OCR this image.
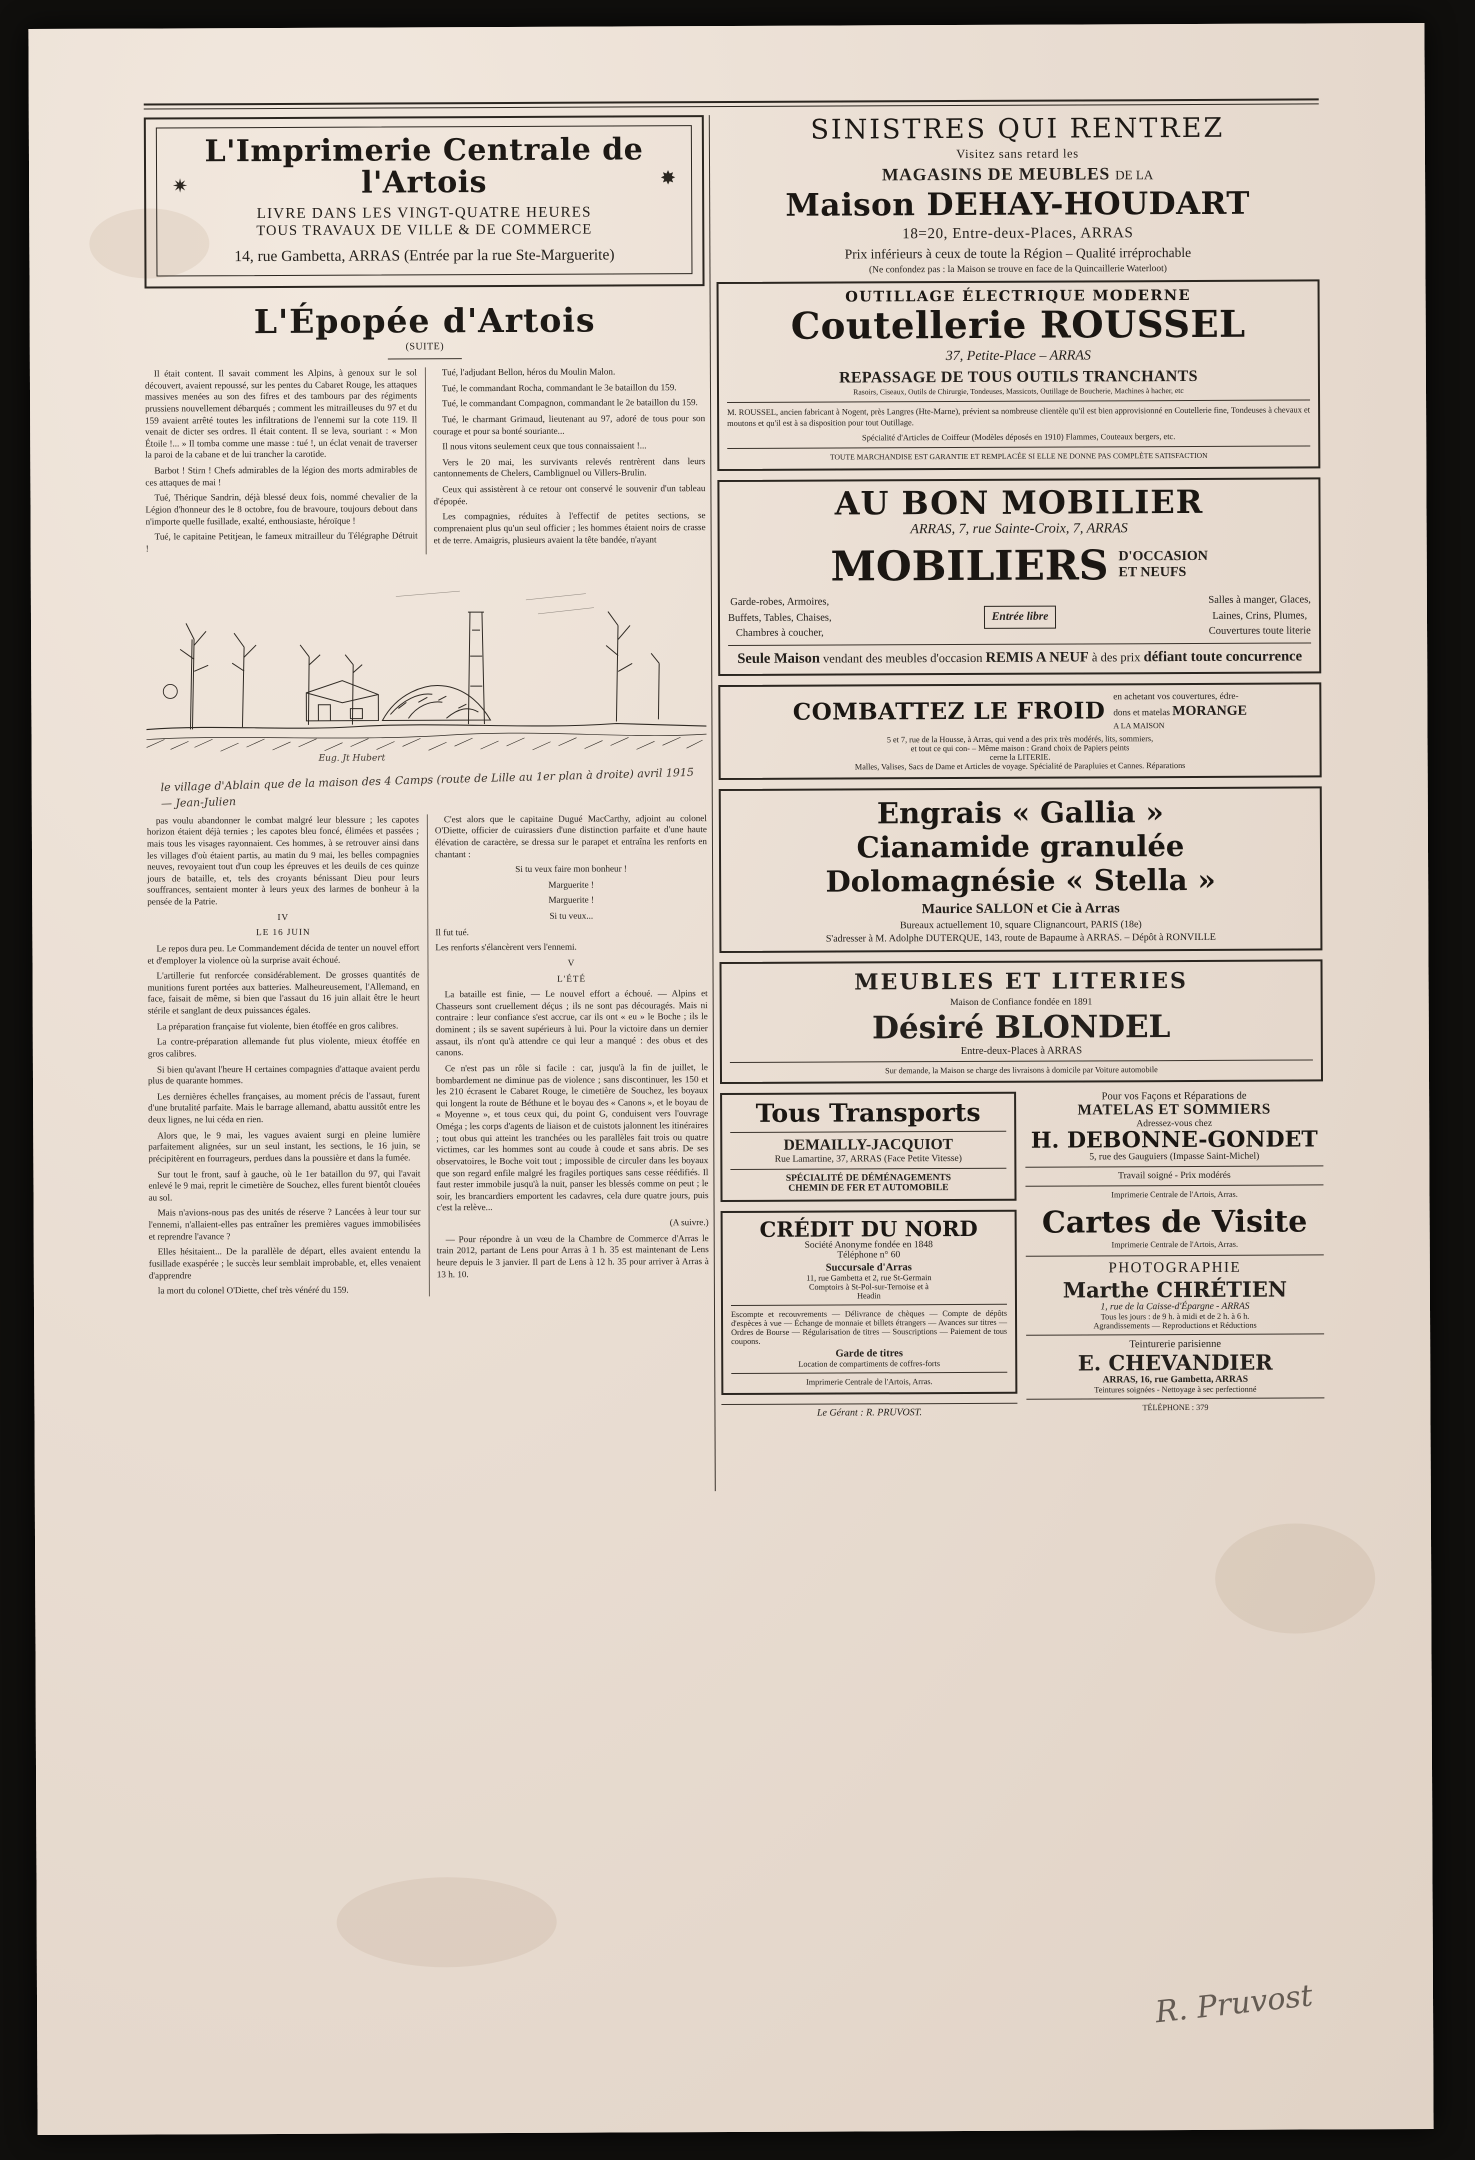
✷	✸
L'Imprimerie Centrale de l'Artois
LIVRE DANS LES VINGT-QUATRE HEURES
TOUS TRAVAUX DE VILLE & DE COMMERCE
14, rue Gambetta, ARRAS (Entrée par la rue Ste-Marguerite)
L'Épopée d'Artois
(SUITE)

Il était content. Il savait comment les Alpins, à genoux sur le sol découvert, avaient repoussé, sur les pentes du Cabaret Rouge, les attaques massives menées au son des fifres et des tambours par des régiments prussiens nouvellement débarqués ; comment les mitrailleuses du 97 et du 159 avaient arrêté toutes les infiltrations de l'ennemi sur la cote 119. Il venait de dicter ses ordres. Il était content. Il se leva, souriant : « Mon Étoile !... » Il tomba comme une masse : tué !, un éclat venait de traverser la paroi de la cabane et de lui trancher la carotide.

Barbot ! Stirn ! Chefs admirables de la légion des morts admirables de ces attaques de mai !

Tué, Thérique Sandrin, déjà blessé deux fois, nommé chevalier de la Légion d'honneur des le 8 octobre, fou de bravoure, toujours debout dans n'importe quelle fusillade, exalté, enthousiaste, héroïque !

Tué, le capitaine Petitjean, le fameux mitrailleur du Télégraphe Détruit !

Tué, l'adjudant Bellon, héros du Moulin Malon.

Tué, le commandant Rocha, commandant le 3e bataillon du 159.

Tué, le commandant Compagnon, commandant le 2e bataillon du 159.

Tué, le charmant Grimaud, lieutenant au 97, adoré de tous pour son courage et pour sa bonté souriante...

Il nous vitons seulement ceux que tous connaissaient !...

Vers le 20 mai, les survivants relevés rentrèrent dans leurs cantonnements de Chelers, Camblignuel ou Villers-Brulin.

Ceux qui assistèrent à ce retour ont conservé le souvenir d'un tableau d'épopée.

Les compagnies, réduites à l'effectif de petites sections, se comprenaient plus qu'un seul officier ; les hommes étaient noirs de crasse et de terre. Amaigris, plusieurs avaient la tête bandée, n'ayant

Eug. Jt Hubert
le village d'Ablain que de la maison des 4 Camps (route de Lille au 1er plan à droite) avril 1915 — Jean-Julien

pas voulu abandonner le combat malgré leur blessure ; les capotes horizon étaient déjà ternies ; les capotes bleu foncé, élimées et passées ; mais tous les visages rayonnaient. Ces hommes, à se retrouver ainsi dans les villages d'où étaient partis, au matin du 9 mai, les belles compagnies neuves, revoyaient tout d'un coup les épreuves et les deuils de ces quinze jours de bataille, et, tels des croyants bénissant Dieu pour leurs souffrances, sentaient monter à leurs yeux des larmes de bonheur à la pensée de la Patrie.

IV

LE 16 JUIN

Le repos dura peu. Le Commandement décida de tenter un nouvel effort et d'employer la violence où la surprise avait échoué.

L'artillerie fut renforcée considérablement. De grosses quantités de munitions furent portées aux batteries. Malheureusement, l'Allemand, en face, faisait de même, si bien que l'assaut du 16 juin allait être le heurt stérile et sanglant de deux puissances égales.

La préparation française fut violente, bien étoffée en gros calibres.

La contre-préparation allemande fut plus violente, mieux étoffée en gros calibres.

Si bien qu'avant l'heure H certaines compagnies d'attaque avaient perdu plus de quarante hommes.

Les dernières échelles françaises, au moment précis de l'assaut, furent d'une brutalité parfaite. Mais le barrage allemand, abattu aussitôt entre les deux lignes, ne lui céda en rien.

Alors que, le 9 mai, les vagues avaient surgi en pleine lumière parfaitement alignées, sur un seul instant, les sections, le 16 juin, se précipitèrent en fourrageurs, perdues dans la poussière et dans la fumée.

Sur tout le front, sauf à gauche, où le 1er bataillon du 97, qui l'avait enlevé le 9 mai, reprit le cimetière de Souchez, elles furent bientôt clouées au sol.

Mais n'avions-nous pas des unités de réserve ? Lancées à leur tour sur l'ennemi, n'allaient-elles pas entraîner les premières vagues immobilisées et reprendre l'avance ?

Elles hésitaient... De la parallèle de départ, elles avaient entendu la fusillade exaspérée ; le succès leur semblait improbable, et, elles venaient d'apprendre

la mort du colonel O'Diette, chef très vénéré du 159.

C'est alors que le capitaine Dugué MacCarthy, adjoint au colonel O'Diette, officier de cuirassiers d'une distinction parfaite et d'une haute élévation de caractère, se dressa sur le parapet et entraîna les renforts en chantant :

Si tu veux faire mon bonheur !

Marguerite !

Marguerite !

Si tu veux...

Il fut tué.

Les renforts s'élancèrent vers l'ennemi.

V

L'ÉTÉ

La bataille est finie, — Le nouvel effort a échoué. — Alpins et Chasseurs sont cruellement déçus ; ils ne sont pas découragés. Mais ni contraire : leur confiance s'est accrue, car ils ont « eu » le Boche ; ils le dominent ; ils se savent supérieurs à lui. Pour la victoire dans un dernier assaut, ils n'ont qu'à attendre ce qui leur a manqué : des obus et des canons.

Ce n'est pas un rôle si facile : car, jusqu'à la fin de juillet, le bombardement ne diminue pas de violence ; sans discontinuer, les 150 et les 210 écrasent le Cabaret Rouge, le cimetière de Souchez, les boyaux qui longent la route de Béthune et le boyau des « Canons », et le boyau de « Moyenne », et tous ceux qui, du point G, conduisent vers l'ouvrage Oméga ; les corps d'agents de liaison et de cuistots jalonnent les itinéraires ; tout obus qui atteint les tranchées ou les parallèles fait trois ou quatre victimes, car les hommes sont au coude à coude et sans abris. De ses observatoires, le Boche voit tout ; impossible de circuler dans les boyaux que son regard enfile malgré les fragiles portiques sans cesse réédifiés. Il faut rester immobile jusqu'à la nuit, panser les blessés comme on peut ; le soir, les brancardiers emportent les cadavres, cela dure quatre jours, puis c'est la relève...

(A suivre.)

— Pour répondre à un vœu de la Chambre de Commerce d'Arras le train 2012, partant de Lens pour Arras à 1 h. 35 est maintenant de Lens heure depuis le 3 janvier. Il part de Lens à 12 h. 35 pour arriver à Arras à 13 h. 10.

SINISTRES QUI RENTREZ
Visitez sans retard les
MAGASINS DE MEUBLES DE LA
Maison DEHAY-HOUDART
18=20, Entre-deux-Places, ARRAS
Prix inférieurs à ceux de toute la Région – Qualité irréprochable
(Ne confondez pas : la Maison se trouve en face de la Quincaillerie Waterloot)
OUTILLAGE ÉLECTRIQUE MODERNE
Coutellerie ROUSSEL
37, Petite-Place – ARRAS
REPASSAGE DE TOUS OUTILS TRANCHANTS
Rasoirs, Ciseaux, Outils de Chirurgie, Tondeuses, Massicots, Outillage de Boucherie, Machines à hacher, etc
M. ROUSSEL, ancien fabricant à Nogent, près Langres (Hte-Marne), prévient sa nombreuse clientèle qu'il est bien approvisionné en Coutellerie fine, Tondeuses à chevaux et moutons et qu'il est à sa disposition pour tout Outillage.
Spécialité d'Articles de Coiffeur (Modèles déposés en 1910) Flammes, Couteaux bergers, etc.
TOUTE MARCHANDISE EST GARANTIE ET REMPLACÉE SI ELLE NE DONNE PAS COMPLÈTE SATISFACTION
AU BON MOBILIER
ARRAS, 7, rue Sainte-Croix, 7, ARRAS
MOBILIERS D'OCCASION
ET NEUFS
Garde-robes, Armoires,
Buffets, Tables, Chaises,
Chambres à coucher,
Entrée libre
Salles à manger, Glaces,
Laines, Crins, Plumes,
Couvertures toute literie
Seule Maison vendant des meubles d'occasion REMIS A NEUF à des prix défiant toute concurrence
COMBATTEZ LE FROID
en achetant vos couvertures, édre-
dons et matelas MORANGE
A LA MAISON
5 et 7, rue de la Housse, à Arras, qui vend a des prix très modérés, lits, sommiers,
et tout ce qui con- – Même maison : Grand choix de Papiers peints
cerne la LITERIE.
Malles, Valises, Sacs de Dame et Articles de voyage. Spécialité de Parapluies et Cannes. Réparations
Engrais « Gallia »
Cianamide granulée
Dolomagnésie « Stella »
Maurice SALLON et Cie à Arras
Bureaux actuellement 10, square Clignancourt, PARIS (18e)
S'adresser à M. Adolphe DUTERQUE, 143, route de Bapaume à ARRAS. – Dépôt à RONVILLE
MEUBLES ET LITERIES
Maison de Confiance fondée en 1891
Désiré BLONDEL
Entre-deux-Places à ARRAS
Sur demande, la Maison se charge des livraisons à domicile par Voiture automobile
Tous Transports
DEMAILLY-JACQUIOT
Rue Lamartine, 37, ARRAS (Face Petite Vitesse)
SPÉCIALITÉ DE DÉMÉNAGEMENTS
CHEMIN DE FER ET AUTOMOBILE
CRÉDIT DU NORD
Société Anonyme fondée en 1848
Téléphone n° 60
Succursale d'Arras
11, rue Gambetta et 2, rue St-Germain
Comptoirs à St-Pol-sur-Ternoise et à
Headin
Escompte et recouvrements — Délivrance de chèques — Compte de dépôts d'espèces à vue — Échange de monnaie et billets étrangers — Avances sur titres — Ordres de Bourse — Régularisation de titres — Souscriptions — Paiement de tous coupons.
Garde de titres
Location de compartiments de coffres-forts
Imprimerie Centrale de l'Artois, Arras.
Le Gérant : R. PRUVOST.
Pour vos Façons et Réparations de
MATELAS ET SOMMIERS
Adressez-vous chez
H. DEBONNE-GONDET
5, rue des Gauguiers (Impasse Saint-Michel)
Travail soigné - Prix modérés
Imprimerie Centrale de l'Artois, Arras.
Cartes de Visite
Imprimerie Centrale de l'Artois, Arras.
PHOTOGRAPHIE
Marthe CHRÉTIEN
1, rue de la Caisse-d'Épargne - ARRAS
Tous les jours : de 9 h. à midi et de 2 h. à 6 h.
Agrandissements — Reproductions et Réductions
Teinturerie parisienne
E. CHEVANDIER
ARRAS, 16, rue Gambetta, ARRAS
Teintures soignées - Nettoyage à sec perfectionné
TÉLÉPHONE : 379
R. Pruvost
